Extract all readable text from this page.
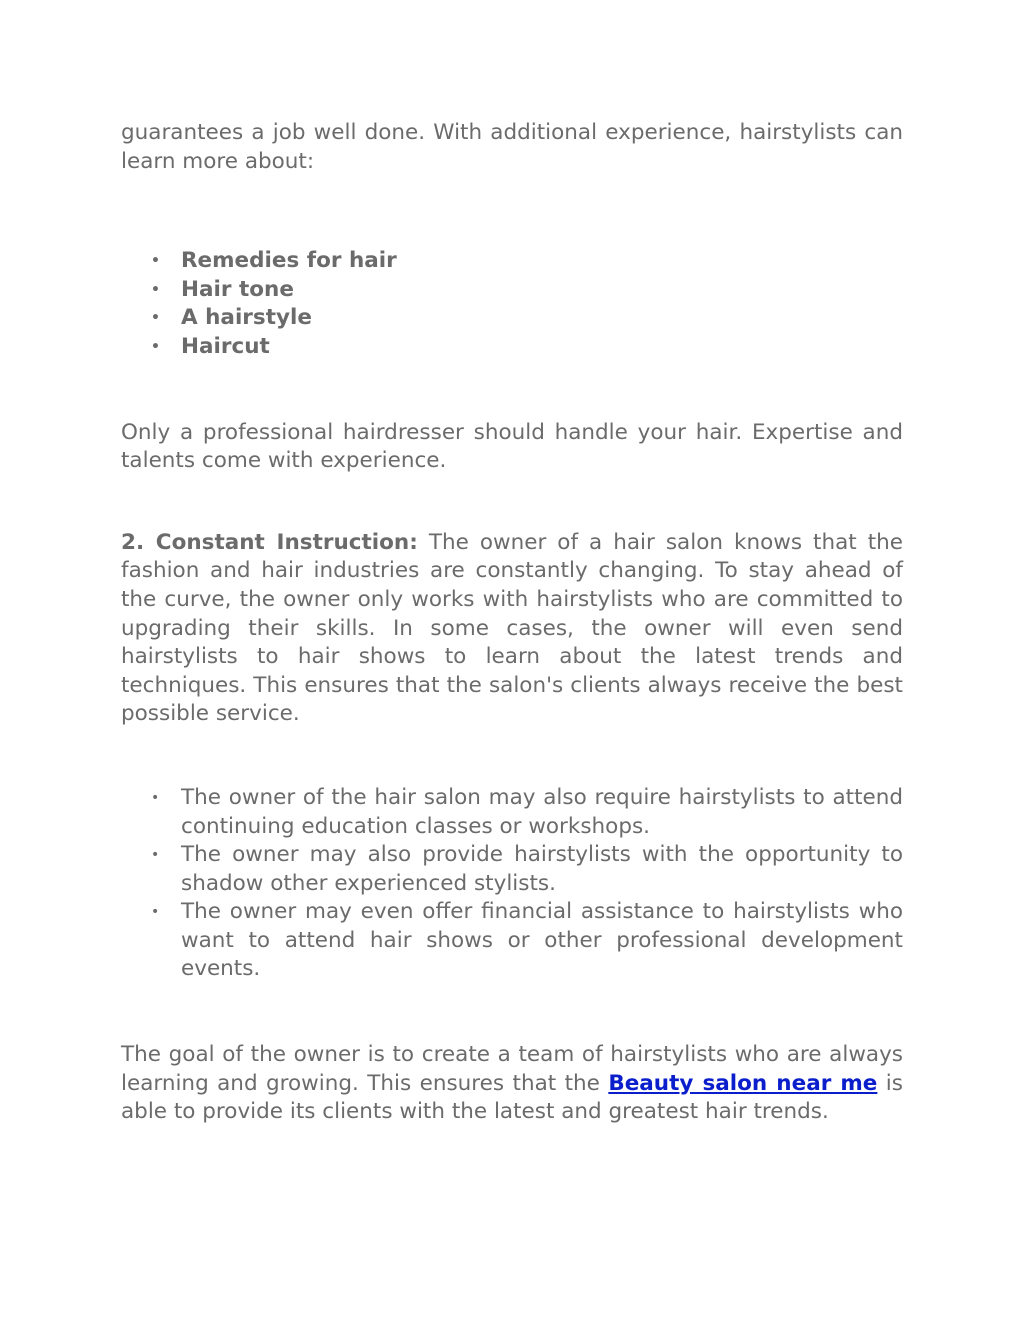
guarantees a job well done. With additional experience, hairstylists can learn more about:

• Remedies for hair
• Hair tone
• A hairstyle
• Haircut

Only a professional hairdresser should handle your hair. Expertise and talents come with experience.

2. Constant Instruction: The owner of a hair salon knows that the fashion and hair industries are constantly changing. To stay ahead of the curve, the owner only works with hairstylists who are committed to upgrading their skills. In some cases, the owner will even send hairstylists to hair shows to learn about the latest trends and techniques. This ensures that the salon's clients always receive the best possible service.

• The owner of the hair salon may also require hairstylists to attend continuing education classes or workshops.
• The owner may also provide hairstylists with the opportunity to shadow other experienced stylists.
• The owner may even offer financial assistance to hairstylists who want to attend hair shows or other professional development events.

The goal of the owner is to create a team of hairstylists who are always learning and growing. This ensures that the Beauty salon near me is able to provide its clients with the latest and greatest hair trends.
